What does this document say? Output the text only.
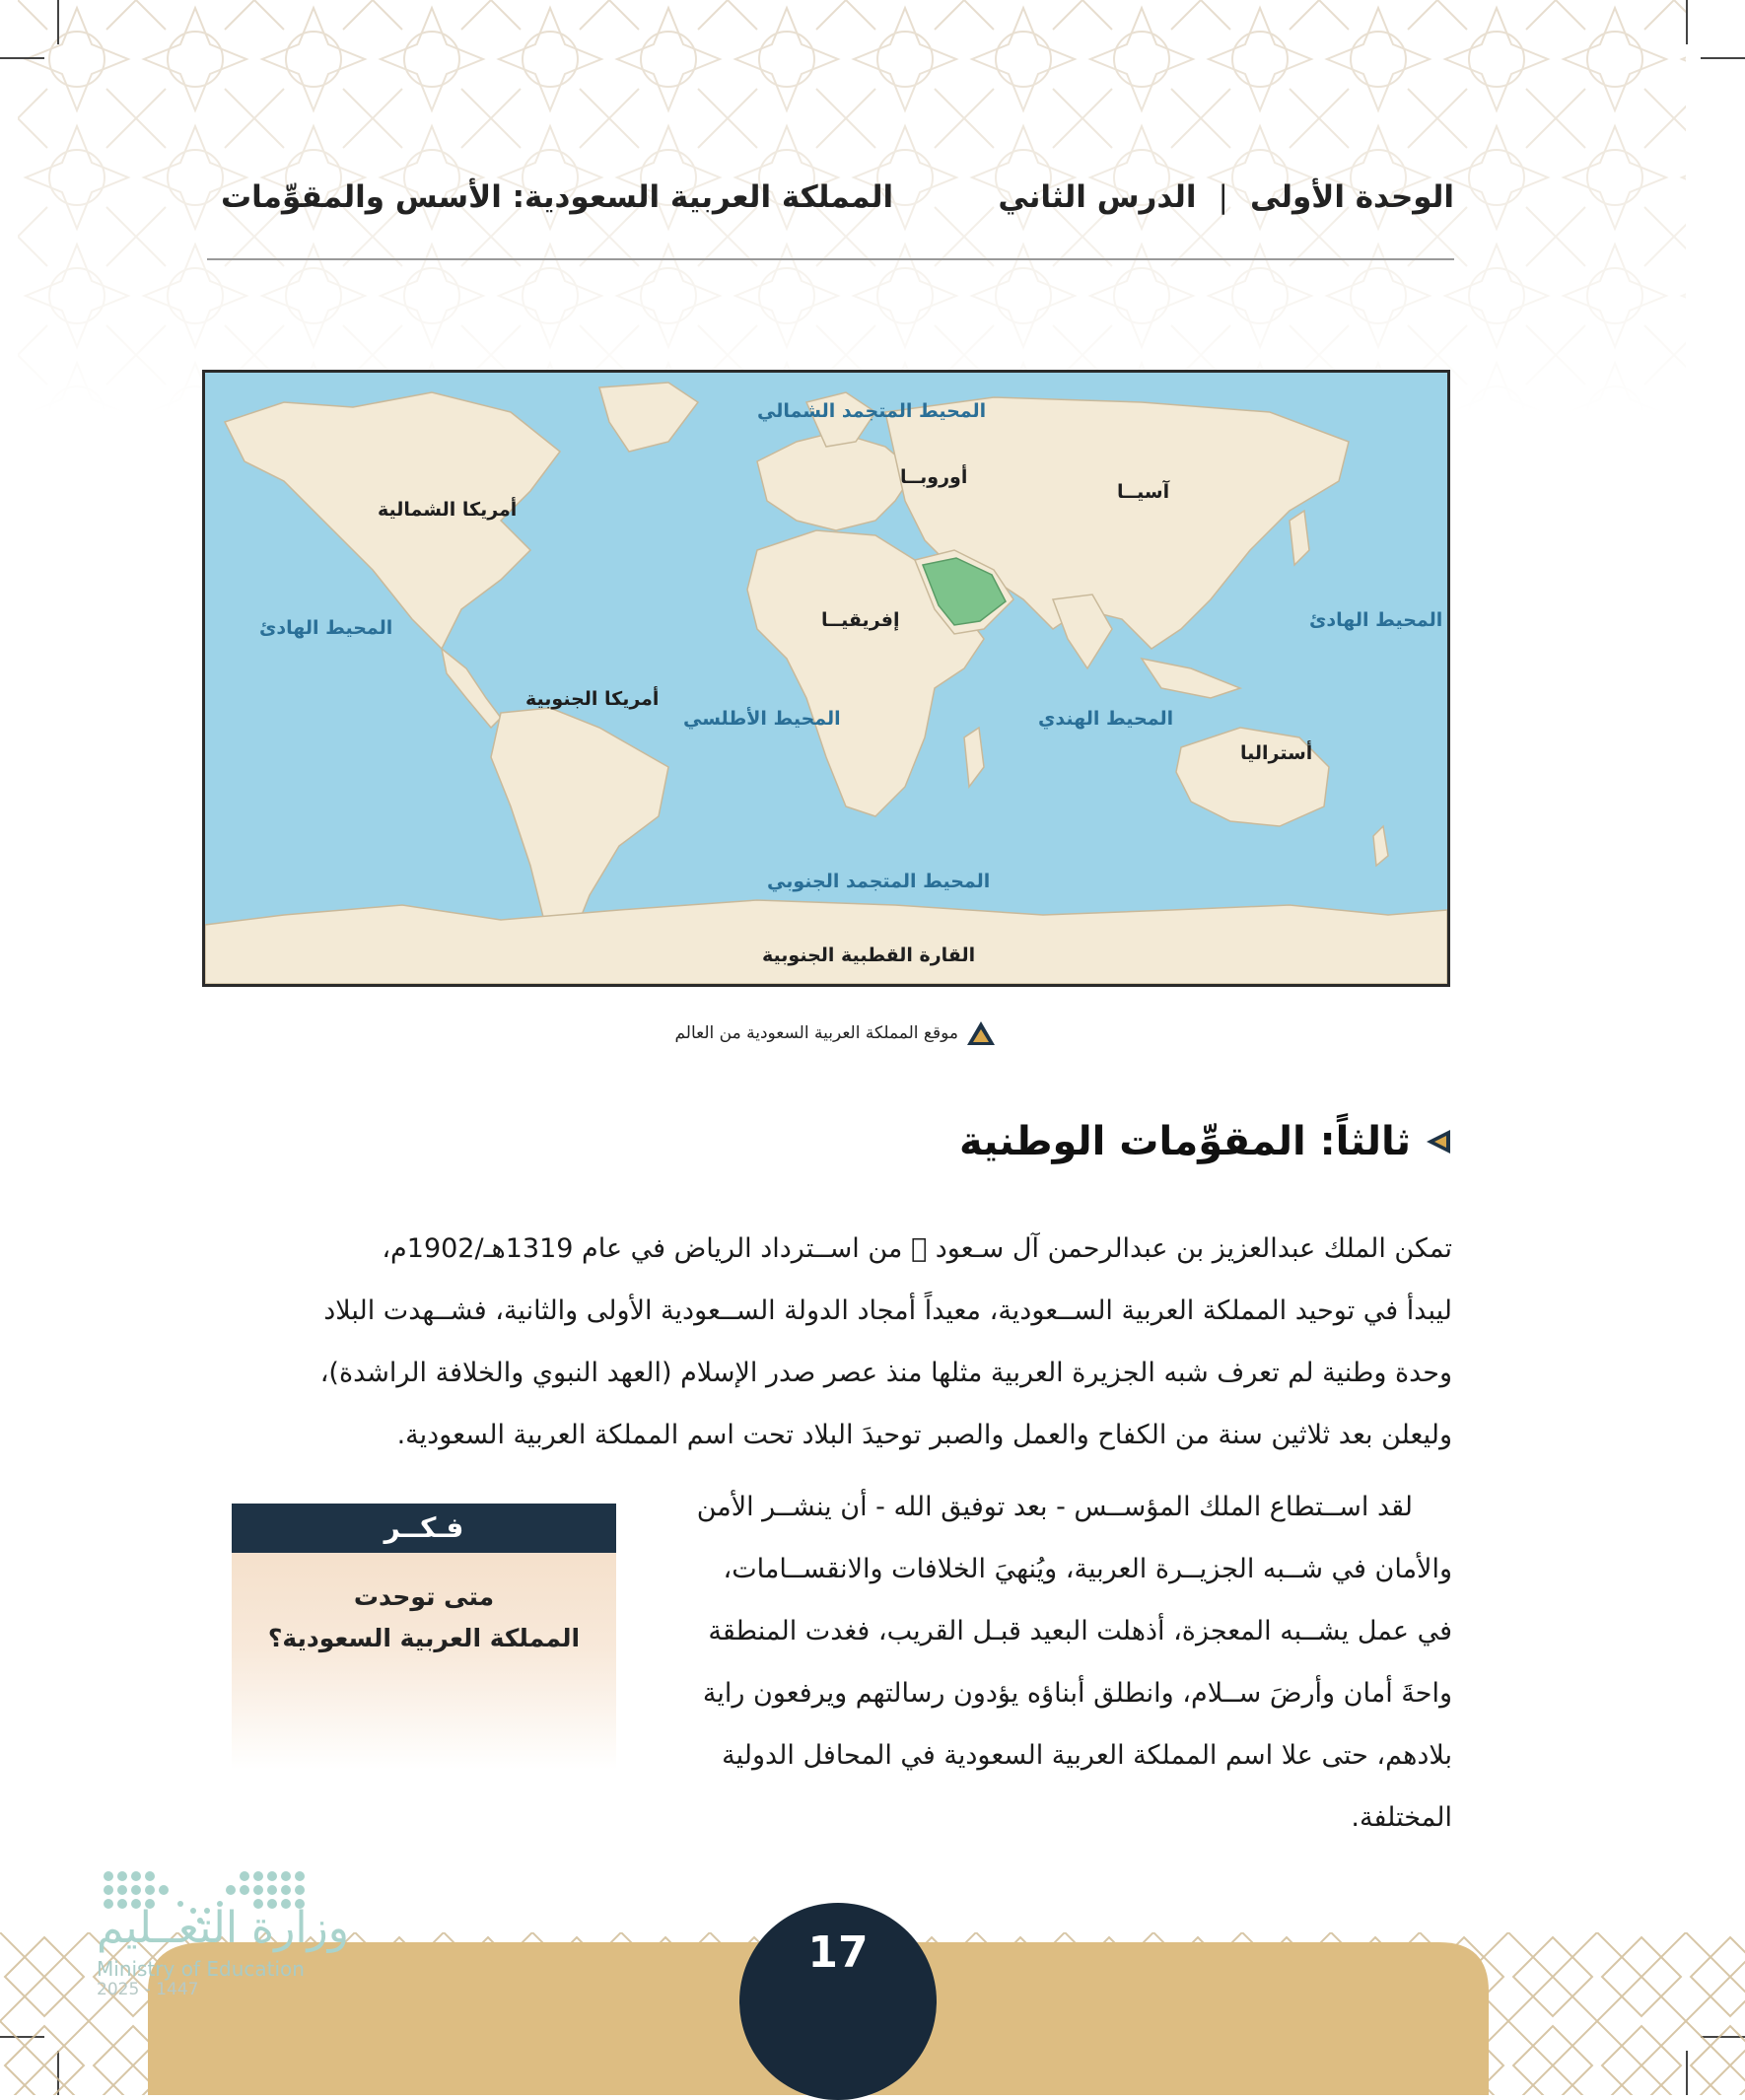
الوحدة الأولى|الدرس الثاني
المملكة العربية السعودية: الأسس والمقوِّمات
المحيط المتجمد الشمالي
أوروبــا
آسيــا
أمريكا الشمالية
إفريقيــا
المحيط الهادئ	المحيط الهادئ
أمريكا الجنوبية
المحيط الأطلسي	المحيط الهندي
أستراليا
المحيط المتجمد الجنوبي
القارة القطبية الجنوبية
موقع المملكة العربية السعودية من العالم
ثالثاً: المقوِّمات الوطنية
تمكن الملك عبدالعزيز بن عبدالرحمن آل سـعود ﷬ من اســترداد الرياض في عام 1319هـ/1902م،
ليبدأ في توحيد المملكة العربية الســعودية، معيداً أمجاد الدولة الســعودية الأولى والثانية، فشــهدت البلاد
وحدة وطنية لم تعرف شبه الجزيرة العربية مثلها منذ عصر صدر الإسلام (العهد النبوي والخلافة الراشدة)،
وليعلن بعد ثلاثين سنة من الكفاح والعمل والصبر توحيدَ البلاد تحت اسم المملكة العربية السعودية.
لقد اســتطاع الملك المؤســس - بعد توفيق الله - أن ينشــر الأمن
والأمان في شــبه الجزيــرة العربية، ويُنهيَ الخلافات والانقســامات،
في عمل يشــبه المعجزة، أذهلت البعيد قبـل القريب، فغدت المنطقة
واحةَ أمان وأرضَ ســلام، وانطلق أبناؤه يؤدون رسالتهم ويرفعون راية
بلادهم، حتى علا اسم المملكة العربية السعودية في المحافل الدولية
المختلفة.
فـكــر
متى توحدت
المملكة العربية السعودية؟
وزارة التعــليم
Ministry of Education
2025 - 1447
17
